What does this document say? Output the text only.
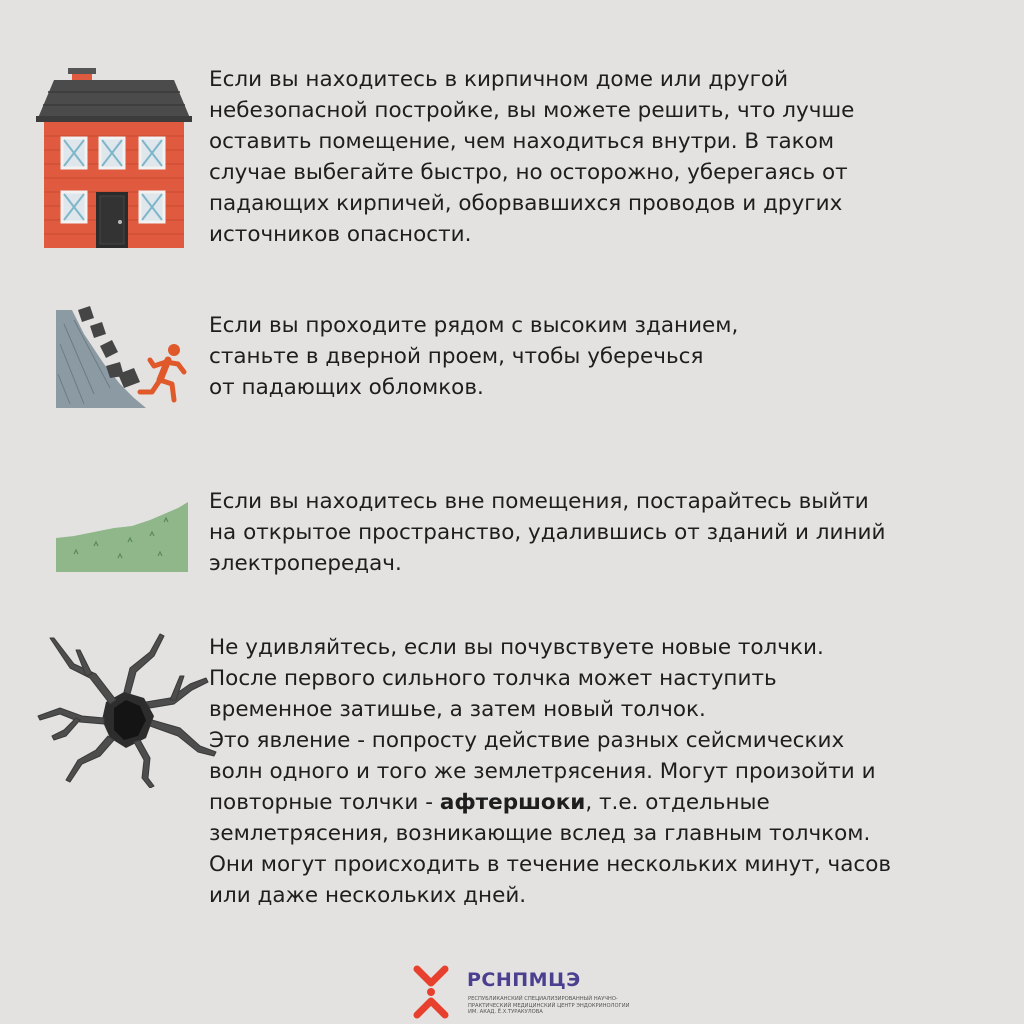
Если вы находитесь в кирпичном доме или другой

небезопасной постройке, вы можете решить, что лучше

оставить помещение, чем находиться внутри. В таком

случае выбегайте быстро, но осторожно, уберегаясь от

падающих кирпичей, оборвавшихся проводов и других

источников опасности.

Если вы проходите рядом с высоким зданием,

станьте в дверной проем, чтобы уберечься

от падающих обломков.

Если вы находитесь вне помещения, постарайтесь выйти

на открытое пространство, удалившись от зданий и линий

электропередач.

Не удивляйтесь, если вы почувствуете новые толчки.

После первого сильного толчка может наступить

временное затишье, а затем новый толчок.

Это явление - попросту действие разных сейсмических

волн одного и того же землетрясения. Могут произойти и

повторные толчки - афтершоки, т.е. отдельные

землетрясения, возникающие вслед за главным толчком.

Они могут происходить в течение нескольких минут, часов

или даже нескольких дней.

РСНПМЦЭ
РЕСПУБЛИКАНСКИЙ СПЕЦИАЛИЗИРОВАННЫЙ НАУЧНО-ПРАКТИЧЕСКИЙ МЕДИЦИНСКИЙ ЦЕНТР ЭНДОКРИНОЛОГИИ ИМ. АКАД. Ё.Х.ТУРАКУЛОВА
